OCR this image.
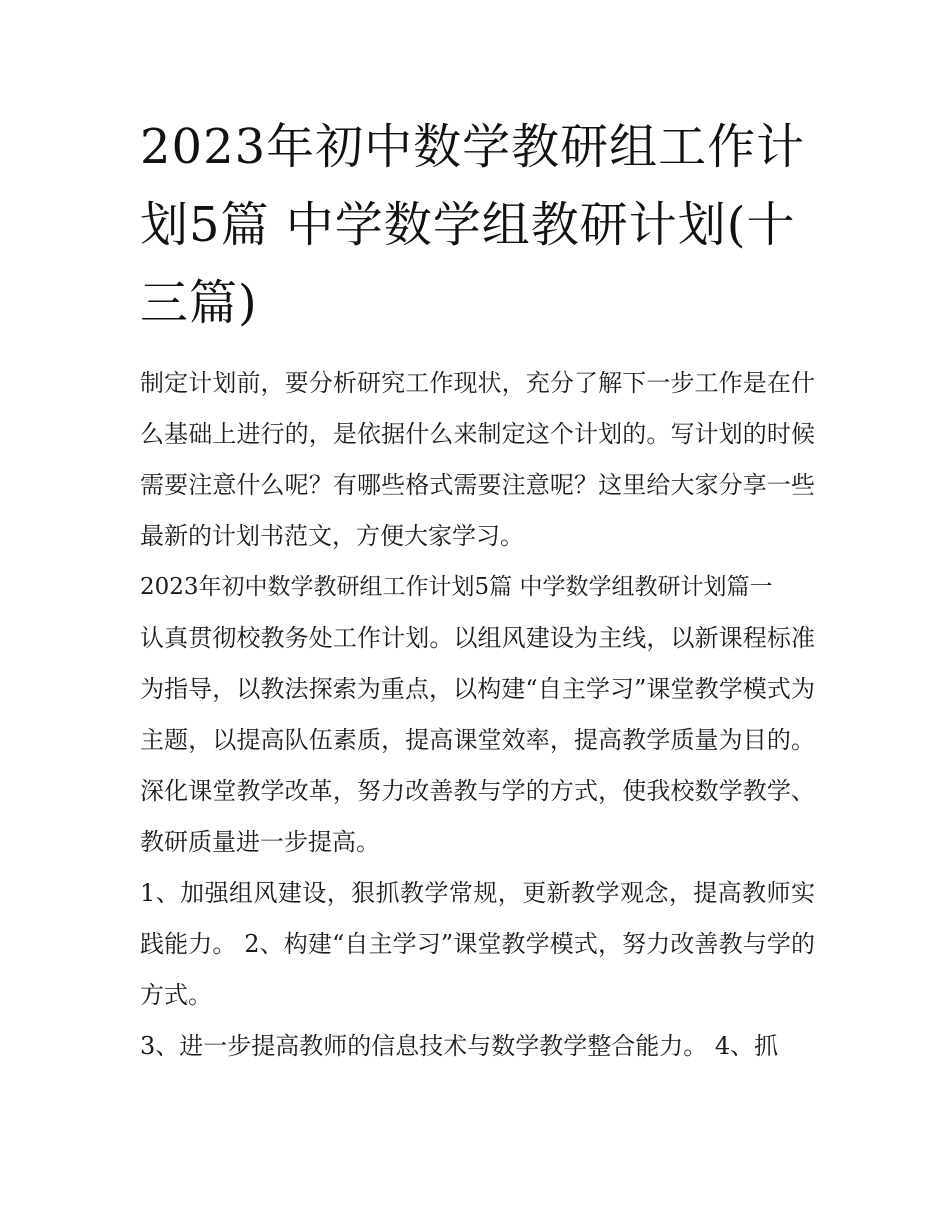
2023年初中数学教研组工作计划5篇 中学数学组教研计划(十三篇)

制定计划前，要分析研究工作现状，充分了解下一步工作是在什么基础上进行的，是依据什么来制定这个计划的。写计划的时候需要注意什么呢？有哪些格式需要注意呢？这里给大家分享一些最新的计划书范文，方便大家学习。

2023年初中数学教研组工作计划5篇 中学数学组教研计划篇一

认真贯彻校教务处工作计划。以组风建设为主线，以新课程标准为指导，以教法探索为重点，以构建“自主学习”课堂教学模式为主题，以提高队伍素质，提高课堂效率，提高教学质量为目的。深化课堂教学改革，努力改善教与学的方式，使我校数学教学、教研质量进一步提高。

1、加强组风建设，狠抓教学常规，更新教学观念，提高教师实践能力。 2、构建“自主学习”课堂教学模式，努力改善教与学的方式。

3、进一步提高教师的信息技术与数学教学整合能力。 4、抓
